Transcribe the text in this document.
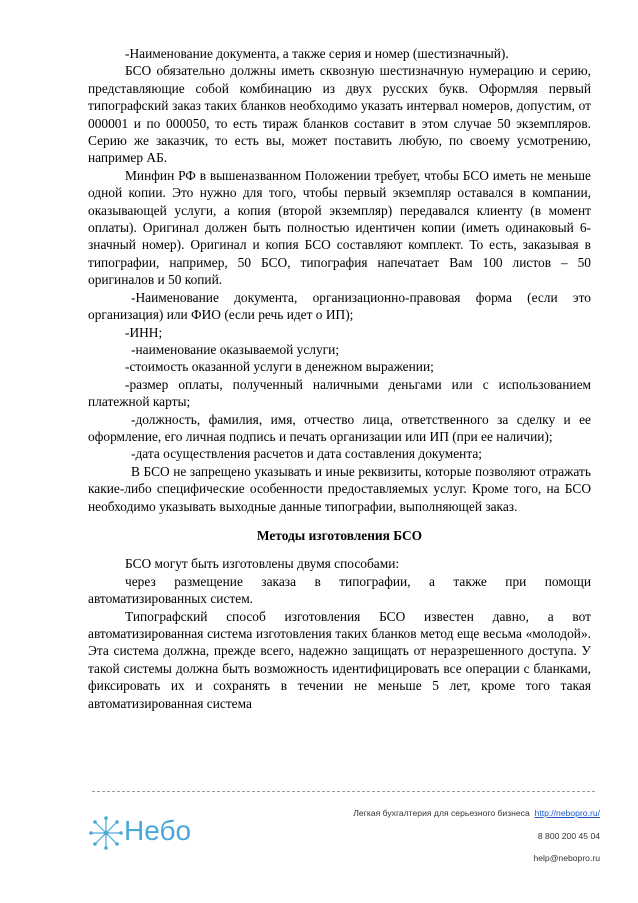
-Наименование документа, а также серия и номер (шестизначный).

БСО обязательно должны иметь сквозную шестизначную нумерацию и серию, представляющие собой комбинацию из двух русских букв. Оформляя первый типографский заказ таких бланков необходимо указать интервал номеров, допустим, от 000001 и по 000050, то есть тираж бланков составит в этом случае 50 экземпляров. Серию же заказчик, то есть вы, может поставить любую, по своему усмотрению, например АБ.

Минфин РФ в вышеназванном Положении требует, чтобы БСО иметь не меньше одной копии. Это нужно для того, чтобы первый экземпляр оставался в компании, оказывающей услуги, а копия (второй экземпляр) передавался клиенту (в момент оплаты). Оригинал должен быть полностью идентичен копии (иметь одинаковый 6-значный номер). Оригинал и копия БСО составляют комплект. То есть, заказывая в типографии, например, 50 БСО, типография напечатает Вам 100 листов – 50 оригиналов и 50 копий.

-Наименование документа, организационно-правовая форма (если это организация) или ФИО (если речь идет о ИП);

-ИНН;

-наименование оказываемой услуги;

-стоимость оказанной услуги в денежном выражении;

-размер оплаты, полученный наличными деньгами или с использованием платежной карты;

-должность, фамилия, имя, отчество лица, ответственного за сделку и ее оформление, его личная подпись и печать организации или ИП (при ее наличии);

-дата осуществления расчетов и дата составления документа;

В БСО не запрещено указывать и иные реквизиты, которые позволяют отражать какие-либо специфические особенности предоставляемых услуг. Кроме того, на БСО необходимо указывать выходные данные типографии, выполняющей заказ.

Методы изготовления БСО

БСО могут быть изготовлены двумя способами:

через размещение заказа в типографии, а также при помощи автоматизированных систем.

Типографский способ изготовления БСО известен давно, а вот автоматизированная система изготовления таких бланков метод еще весьма «молодой». Эта система должна, прежде всего, надежно защищать от неразрешенного доступа. У такой системы должна быть возможность идентифицировать все операции с бланками, фиксировать их и сохранять в течении не меньше 5 лет, кроме того такая автоматизированная система

Небо
Легкая бухгалтерия для серьезного бизнеса http://nebopro.ru/
8 800 200 45 04
help@nebopro.ru
